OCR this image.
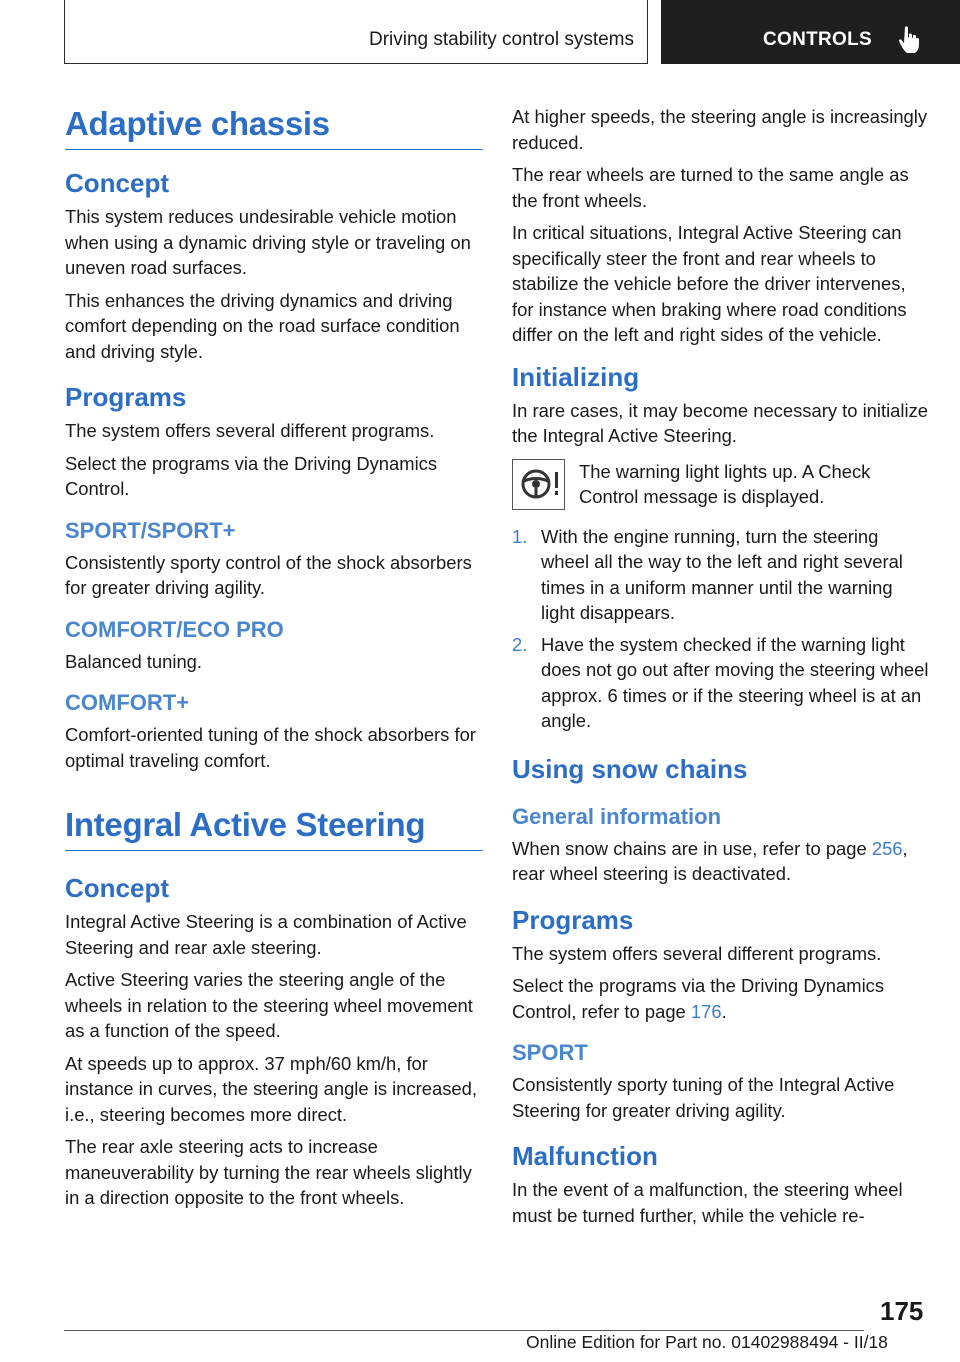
Driving stability control systems	CONTROLS
Adaptive chassis
Concept

This system reduces undesirable vehicle motion when using a dynamic driving style or traveling on uneven road surfaces.

This enhances the driving dynamics and driving comfort depending on the road surface condition and driving style.

Programs

The system offers several different programs.

Select the programs via the Driving Dynamics Control.

SPORT/SPORT+

Consistently sporty control of the shock absorbers for greater driving agility.

COMFORT/ECO PRO

Balanced tuning.

COMFORT+

Comfort-oriented tuning of the shock absorbers for optimal traveling comfort.

Integral Active Steering
Concept

Integral Active Steering is a combination of Active Steering and rear axle steering.

Active Steering varies the steering angle of the wheels in relation to the steering wheel movement as a function of the speed.

At speeds up to approx. 37 mph/60 km/h, for instance in curves, the steering angle is increased, i.e., steering becomes more direct.

The rear axle steering acts to increase maneuverability by turning the rear wheels slightly in a direction opposite to the front wheels.

At higher speeds, the steering angle is increasingly reduced.

The rear wheels are turned to the same angle as the front wheels.

In critical situations, Integral Active Steering can specifically steer the front and rear wheels to stabilize the vehicle before the driver intervenes, for instance when braking where road conditions differ on the left and right sides of the vehicle.

Initializing

In rare cases, it may become necessary to initialize the Integral Active Steering.

The warning light lights up. A Check Control message is displayed.
1. With the engine running, turn the steering wheel all the way to the left and right several times in a uniform manner until the warning light disappears.
2. Have the system checked if the warning light does not go out after moving the steering wheel approx. 6 times or if the steering wheel is at an angle.
Using snow chains
General information

When snow chains are in use, refer to page 256, rear wheel steering is deactivated.

Programs

The system offers several different programs.

Select the programs via the Driving Dynamics Control, refer to page 176.

SPORT

Consistently sporty tuning of the Integral Active Steering for greater driving agility.

Malfunction

In the event of a malfunction, the steering wheel must be turned further, while the vehicle re-

175
Online Edition for Part no. 01402988494 - II/18
